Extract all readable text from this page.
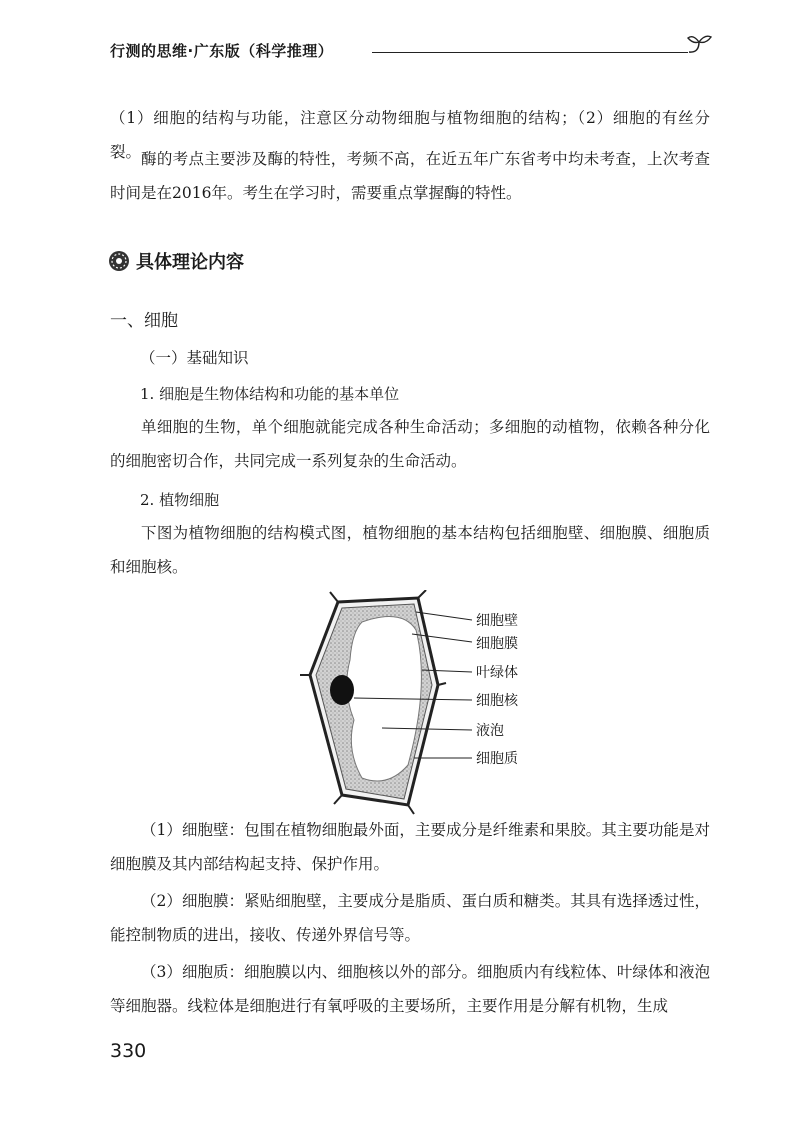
行测的思维·广东版（科学推理）
（1）细胞的结构与功能，注意区分动物细胞与植物细胞的结构；（2）细胞的有丝分裂。 酶的考点主要涉及酶的特性，考频不高，在近五年广东省考中均未考查，上次考查时间是在2016年。考生在学习时，需要重点掌握酶的特性。
具体理论内容
一、细胞
（一）基础知识
1. 细胞是生物体结构和功能的基本单位
单细胞的生物，单个细胞就能完成各种生命活动；多细胞的动植物，依赖各种分化的细胞密切合作，共同完成一系列复杂的生命活动。
2. 植物细胞
下图为植物细胞的结构模式图，植物细胞的基本结构包括细胞壁、细胞膜、细胞质和细胞核。
细胞壁
细胞膜
叶绿体
细胞核
液泡
细胞质
（1）细胞壁：包围在植物细胞最外面，主要成分是纤维素和果胶。其主要功能是对细胞膜及其内部结构起支持、保护作用。
（2）细胞膜：紧贴细胞壁，主要成分是脂质、蛋白质和糖类。其具有选择透过性，能控制物质的进出，接收、传递外界信号等。
（3）细胞质：细胞膜以内、细胞核以外的部分。细胞质内有线粒体、叶绿体和液泡等细胞器。线粒体是细胞进行有氧呼吸的主要场所，主要作用是分解有机物，生成
330
